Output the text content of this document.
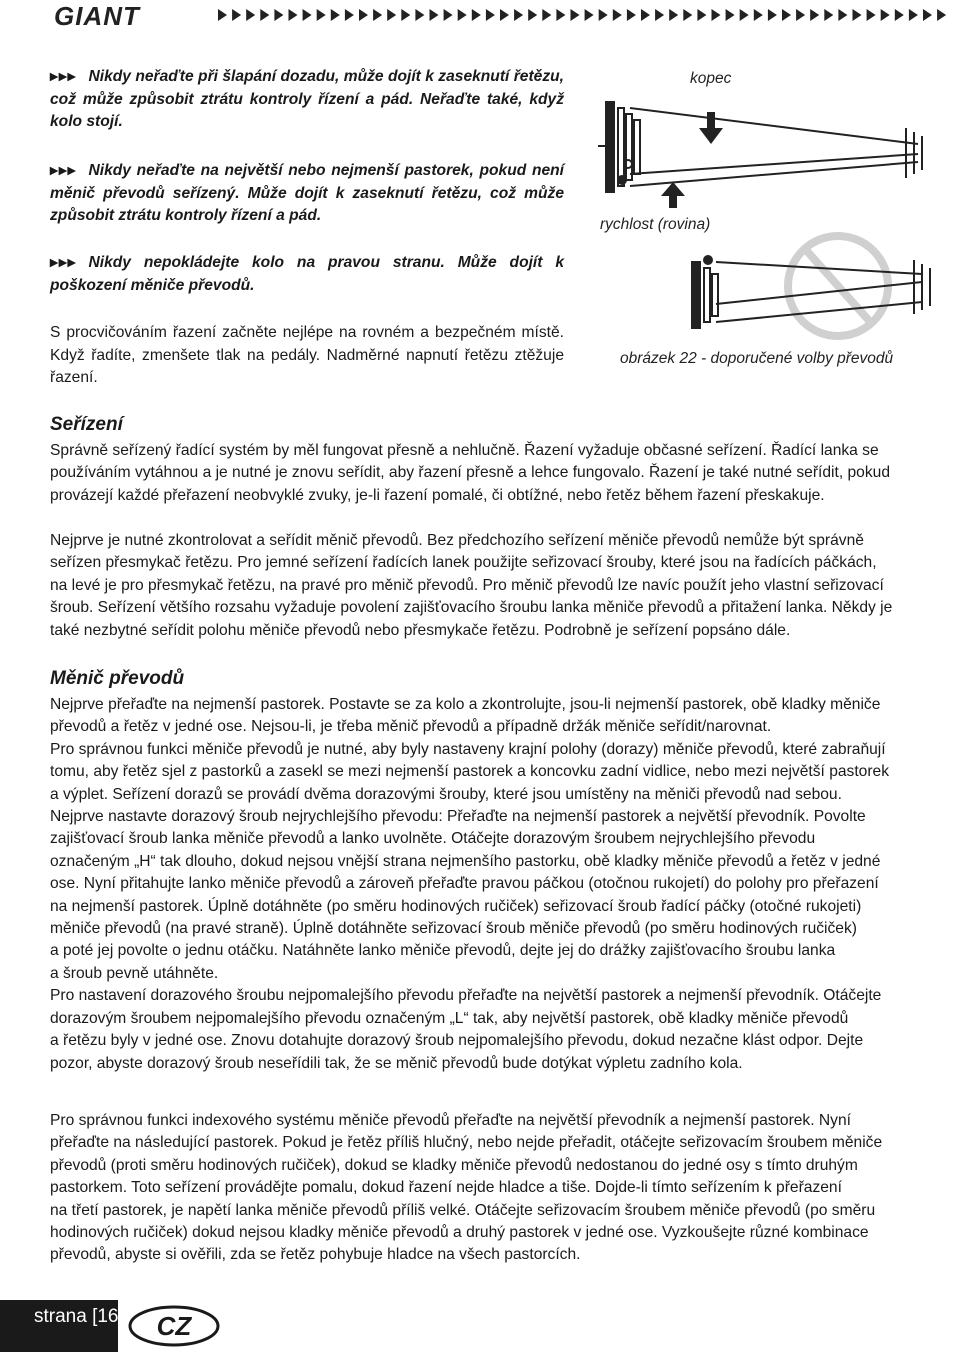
GIANT

▸▸▸ Nikdy neřaďte při šlapání dozadu, může dojít k zaseknutí řetězu, což může způsobit ztrátu kontroly řízení a pád. Neřaďte také, když kolo stojí.

▸▸▸ Nikdy neřaďte na největší nebo nejmenší pastorek, pokud není měnič převodů seřízený. Může dojít k zaseknutí řetězu, což může způsobit ztrátu kontroly řízení a pád.

▸▸▸ Nikdy nepokládejte kolo na pravou stranu. Může dojít k poškození měniče převodů.

S procvičováním řazení začněte nejlépe na rovném a bezpečném místě. Když řadíte, zmenšete tlak na pedály. Nadměrné napnutí řetězu ztěžuje řazení.

kopec
rychlost (rovina)
obrázek 22 - doporučené volby převodů
Seřízení

Správně seřízený řadící systém by měl fungovat přesně a nehlučně. Řazení vyžaduje občasné seřízení. Řadící lanka se
používáním vytáhnou a je nutné je znovu seřídit, aby řazení přesně a lehce fungovalo. Řazení je také nutné seřídit, pokud
provázejí každé přeřazení neobvyklé zvuky, je-li řazení pomalé, či obtížné, nebo řetěz během řazení přeskakuje.

Nejprve je nutné zkontrolovat a seřídit měnič převodů. Bez předchozího seřízení měniče převodů nemůže být správně
seřízen přesmykač řetězu. Pro jemné seřízení řadících lanek použijte seřizovací šrouby, které jsou na řadících páčkách,
na levé je pro přesmykač řetězu, na pravé pro měnič převodů. Pro měnič převodů lze navíc použít jeho vlastní seřizovací
šroub. Seřízení většího rozsahu vyžaduje povolení zajišťovacího šroubu lanka měniče převodů a přitažení lanka. Někdy je
také nezbytné seřídit polohu měniče převodů nebo přesmykače řetězu. Podrobně je seřízení popsáno dále.

Měnič převodů

Nejprve přeřaďte na nejmenší pastorek. Postavte se za kolo a zkontrolujte, jsou-li nejmenší pastorek, obě kladky měniče
převodů a řetěz v jedné ose. Nejsou-li, je třeba měnič převodů a případně držák měniče seřídit/narovnat.
Pro správnou funkci měniče převodů je nutné, aby byly nastaveny krajní polohy (dorazy) měniče převodů, které zabraňují
tomu, aby řetěz sjel z pastorků a zasekl se mezi nejmenší pastorek a koncovku zadní vidlice, nebo mezi největší pastorek
a výplet. Seřízení dorazů se provádí dvěma dorazovými šrouby, které jsou umístěny na měniči převodů nad sebou.
Nejprve nastavte dorazový šroub nejrychlejšího převodu: Přeřaďte na nejmenší pastorek a největší převodník. Povolte
zajišťovací šroub lanka měniče převodů a lanko uvolněte. Otáčejte dorazovým šroubem nejrychlejšího převodu
označeným „H“ tak dlouho, dokud nejsou vnější strana nejmenšího pastorku, obě kladky měniče převodů a řetěz v jedné
ose. Nyní přitahujte lanko měniče převodů a zároveň přeřaďte pravou páčkou (otočnou rukojetí) do polohy pro přeřazení
na nejmenší pastorek. Úplně dotáhněte (po směru hodinových ručiček) seřizovací šroub řadící páčky (otočné rukojeti)
měniče převodů (na pravé straně). Úplně dotáhněte seřizovací šroub měniče převodů (po směru hodinových ručiček)
a poté jej povolte o jednu otáčku. Natáhněte lanko měniče převodů, dejte jej do drážky zajišťovacího šroubu lanka
a šroub pevně utáhněte.
Pro nastavení dorazového šroubu nejpomalejšího převodu přeřaďte na největší pastorek a nejmenší převodník. Otáčejte
dorazovým šroubem nejpomalejšího převodu označeným „L“ tak, aby největší pastorek, obě kladky měniče převodů
a řetězu byly v jedné ose. Znovu dotahujte dorazový šroub nejpomalejšího převodu, dokud nezačne klást odpor. Dejte
pozor, abyste dorazový šroub neseřídili tak, že se měnič převodů bude dotýkat výpletu zadního kola.

Pro správnou funkci indexového systému měniče převodů přeřaďte na největší převodník a nejmenší pastorek. Nyní
přeřaďte na následující pastorek. Pokud je řetěz příliš hlučný, nebo nejde přeřadit, otáčejte seřizovacím šroubem měniče
převodů (proti směru hodinových ručiček), dokud se kladky měniče převodů nedostanou do jedné osy s tímto druhým
pastorkem. Toto seřízení provádějte pomalu, dokud řazení nejde hladce a tiše. Dojde-li tímto seřízením k přeřazení
na třetí pastorek, je napětí lanka měniče převodů příliš velké. Otáčejte seřizovacím šroubem měniče převodů (po směru
hodinových ručiček) dokud nejsou kladky měniče převodů a druhý pastorek v jedné ose. Vyzkoušejte různé kombinace
převodů, abyste si ověřili, zda se řetěz pohybuje hladce na všech pastorcích.

strana [16] CZ
